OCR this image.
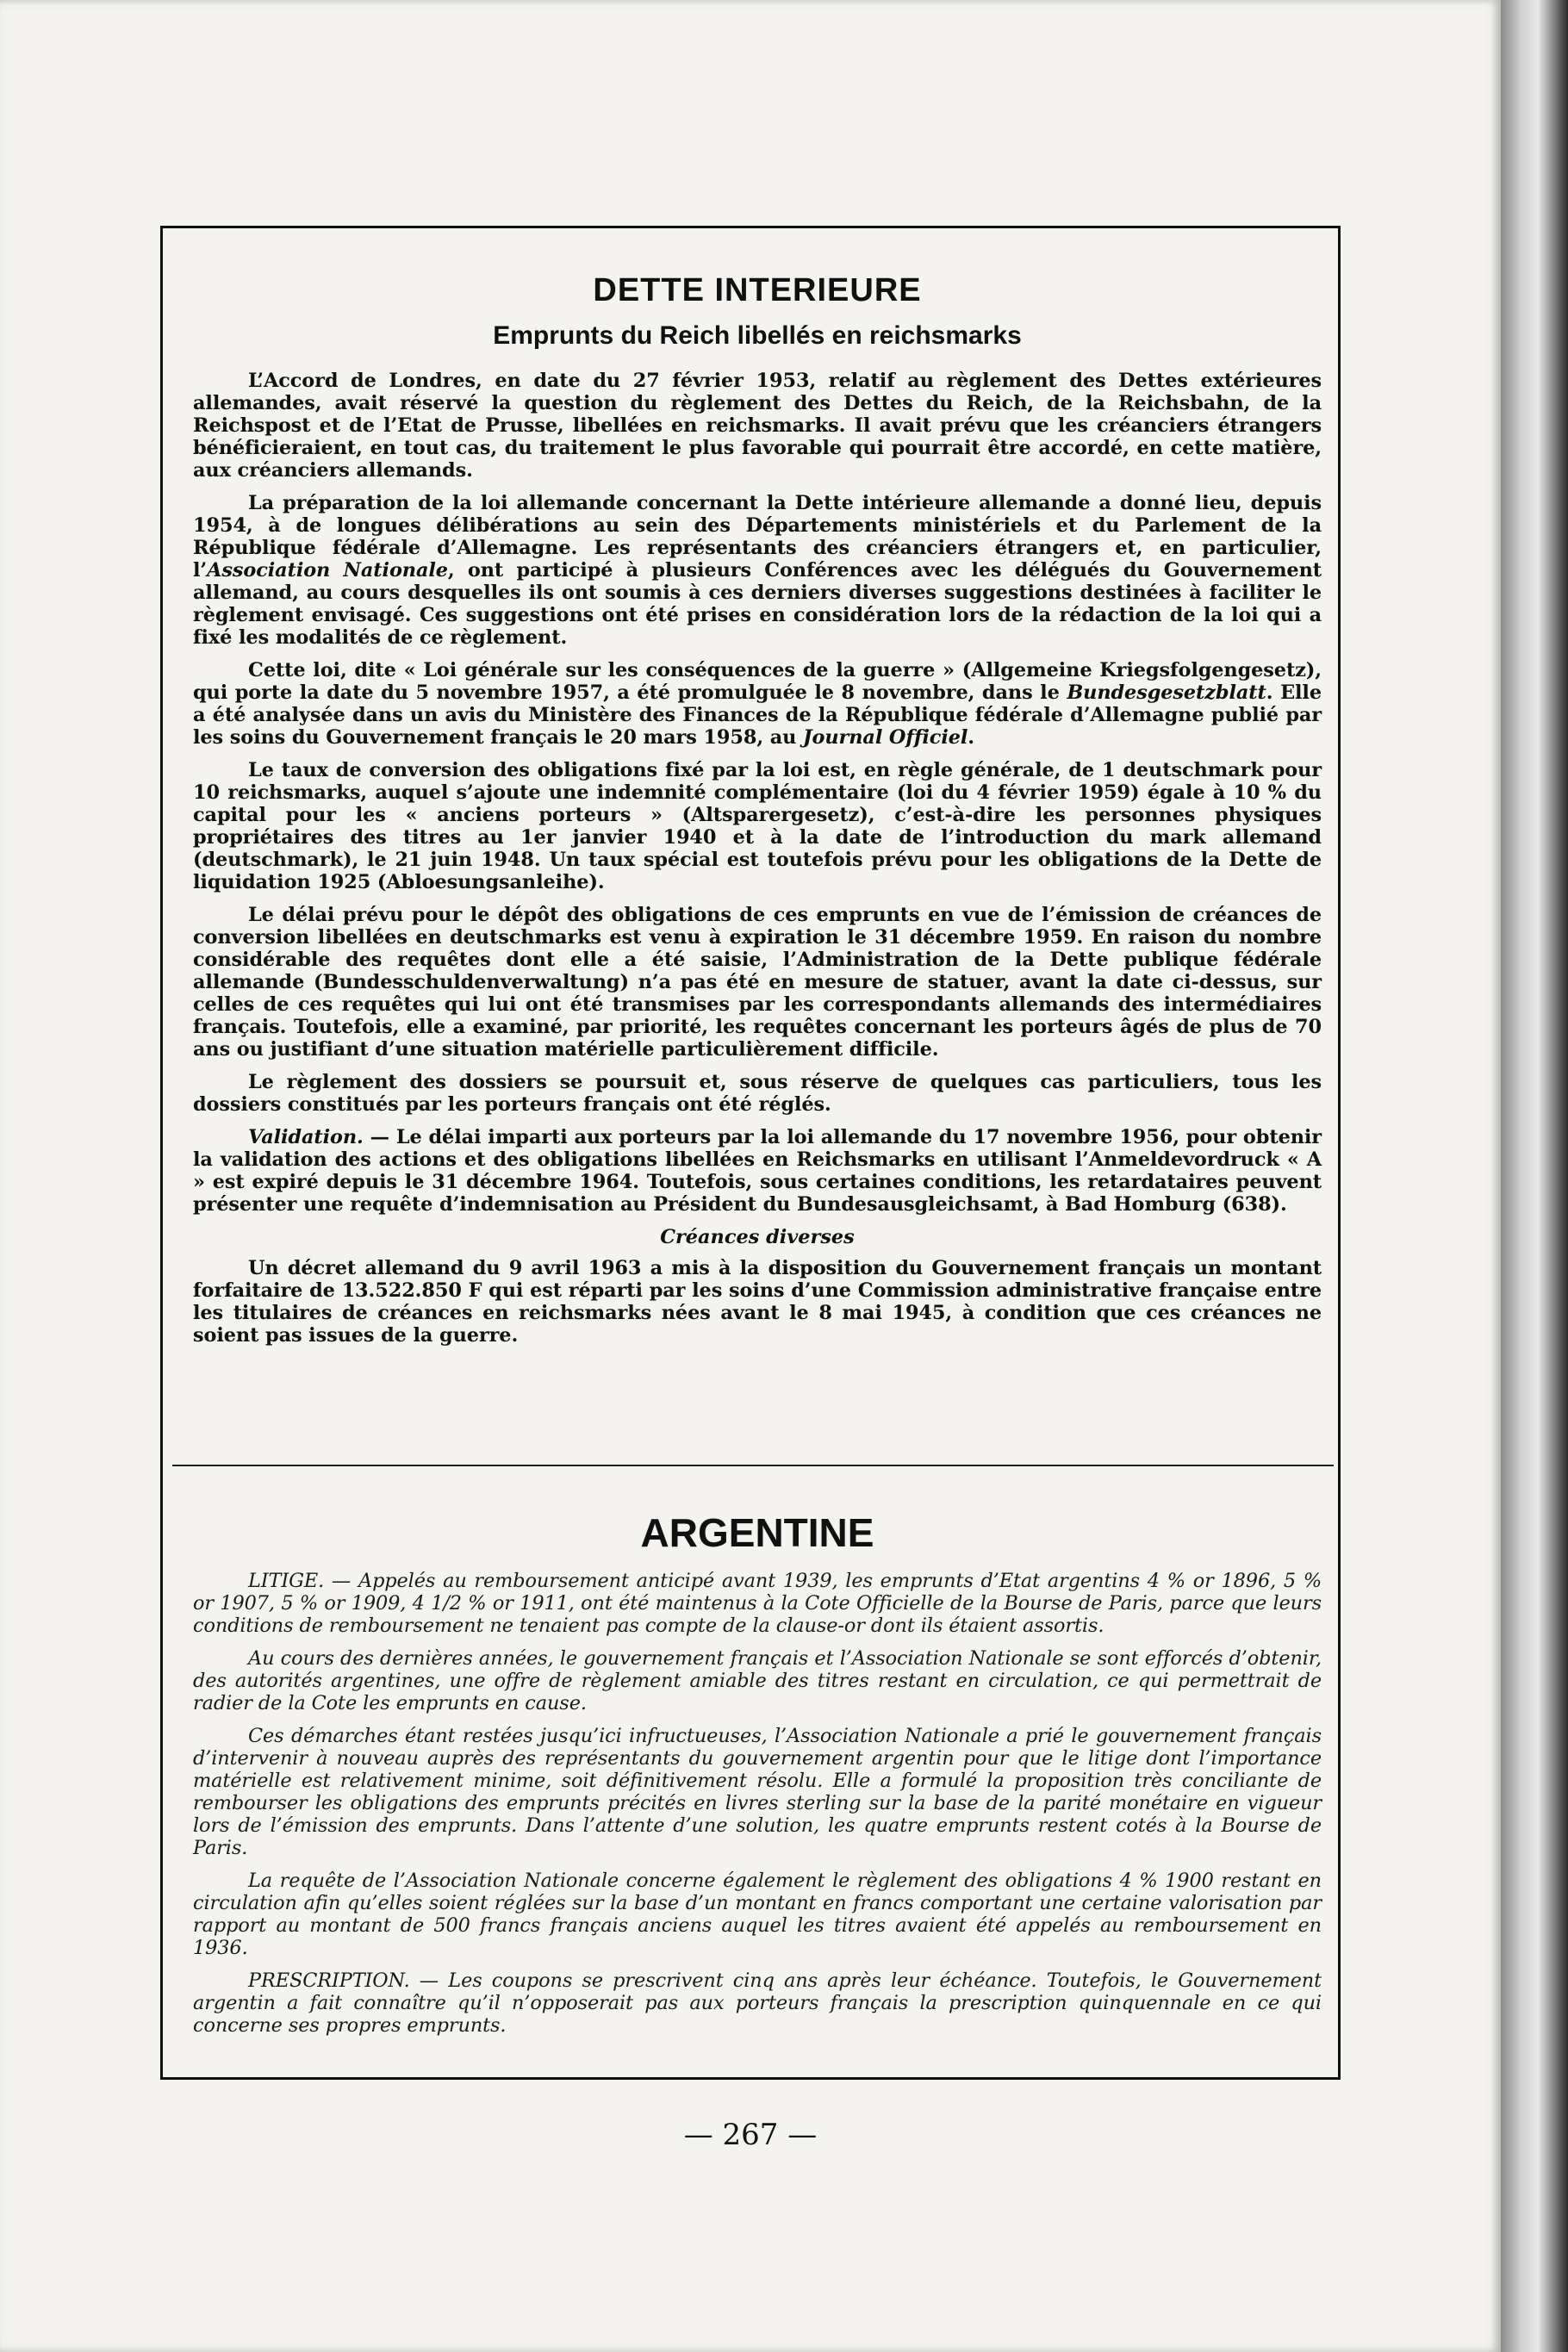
DETTE INTERIEURE
Emprunts du Reich libellés en reichsmarks

L’Accord de Londres, en date du 27 février 1953, relatif au règlement des Dettes extérieures allemandes, avait réservé la question du règlement des Dettes du Reich, de la Reichsbahn, de la Reichspost et de l’Etat de Prusse, libellées en reichsmarks. Il avait prévu que les créanciers étrangers bénéficieraient, en tout cas, du traitement le plus favorable qui pourrait être accordé, en cette matière, aux créanciers allemands.

La préparation de la loi allemande concernant la Dette intérieure allemande a donné lieu, depuis 1954, à de longues délibérations au sein des Départements ministériels et du Parlement de la République fédérale d’Allemagne. Les représentants des créanciers étrangers et, en particulier, l’Association Nationale, ont participé à plusieurs Conférences avec les délégués du Gouvernement allemand, au cours desquelles ils ont soumis à ces derniers diverses suggestions destinées à faciliter le règlement envisagé. Ces suggestions ont été prises en considération lors de la rédaction de la loi qui a fixé les modalités de ce règlement.

Cette loi, dite « Loi générale sur les conséquences de la guerre » (Allgemeine Kriegsfolgengesetz), qui porte la date du 5 novembre 1957, a été promulguée le 8 novembre, dans le Bundesgesetzblatt. Elle a été analysée dans un avis du Ministère des Finances de la République fédérale d’Allemagne publié par les soins du Gouvernement français le 20 mars 1958, au Journal Officiel.

Le taux de conversion des obligations fixé par la loi est, en règle générale, de 1 deutschmark pour 10 reichsmarks, auquel s’ajoute une indemnité complémentaire (loi du 4 février 1959) égale à 10 % du capital pour les « anciens porteurs » (Altsparergesetz), c’est-à-dire les personnes physiques propriétaires des titres au 1er janvier 1940 et à la date de l’introduction du mark allemand (deutschmark), le 21 juin 1948. Un taux spécial est toutefois prévu pour les obligations de la Dette de liquidation 1925 (Abloesungsanleihe).

Le délai prévu pour le dépôt des obligations de ces emprunts en vue de l’émission de créances de conversion libellées en deutschmarks est venu à expiration le 31 décembre 1959. En raison du nombre considérable des requêtes dont elle a été saisie, l’Administration de la Dette publique fédérale allemande (Bundesschuldenverwaltung) n’a pas été en mesure de statuer, avant la date ci-dessus, sur celles de ces requêtes qui lui ont été transmises par les correspondants allemands des intermédiaires français. Toutefois, elle a examiné, par priorité, les requêtes concernant les porteurs âgés de plus de 70 ans ou justifiant d’une situation matérielle particulièrement difficile.

Le règlement des dossiers se poursuit et, sous réserve de quelques cas particuliers, tous les dossiers constitués par les porteurs français ont été réglés.

Validation. — Le délai imparti aux porteurs par la loi allemande du 17 novembre 1956, pour obtenir la validation des actions et des obligations libellées en Reichsmarks en utilisant l’Anmeldevordruck « A » est expiré depuis le 31 décembre 1964. Toutefois, sous certaines conditions, les retardataires peuvent présenter une requête d’indemnisation au Président du Bundesausgleichsamt, à Bad Homburg (638).

Créances diverses

Un décret allemand du 9 avril 1963 a mis à la disposition du Gouvernement français un montant forfaitaire de 13.522.850 F qui est réparti par les soins d’une Commission administrative française entre les titulaires de créances en reichsmarks nées avant le 8 mai 1945, à condition que ces créances ne soient pas issues de la guerre.

ARGENTINE

LITIGE. — Appelés au remboursement anticipé avant 1939, les emprunts d’Etat argentins 4 % or 1896, 5 % or 1907, 5 % or 1909, 4 1/2 % or 1911, ont été maintenus à la Cote Officielle de la Bourse de Paris, parce que leurs conditions de remboursement ne tenaient pas compte de la clause-or dont ils étaient assortis.

Au cours des dernières années, le gouvernement français et l’Association Nationale se sont efforcés d’obtenir, des autorités argentines, une offre de règlement amiable des titres restant en circulation, ce qui permettrait de radier de la Cote les emprunts en cause.

Ces démarches étant restées jusqu’ici infructueuses, l’Association Nationale a prié le gouvernement français d’intervenir à nouveau auprès des représentants du gouvernement argentin pour que le litige dont l’importance matérielle est relativement minime, soit définitivement résolu. Elle a formulé la proposition très conciliante de rembourser les obligations des emprunts précités en livres sterling sur la base de la parité monétaire en vigueur lors de l’émission des emprunts. Dans l’attente d’une solution, les quatre emprunts restent cotés à la Bourse de Paris.

La requête de l’Association Nationale concerne également le règlement des obligations 4 % 1900 restant en circulation afin qu’elles soient réglées sur la base d’un montant en francs comportant une certaine valorisation par rapport au montant de 500 francs français anciens auquel les titres avaient été appelés au remboursement en 1936.

PRESCRIPTION. — Les coupons se prescrivent cinq ans après leur échéance. Toutefois, le Gouvernement argentin a fait connaître qu’il n’opposerait pas aux porteurs français la prescription quinquennale en ce qui concerne ses propres emprunts.

— 267 —
